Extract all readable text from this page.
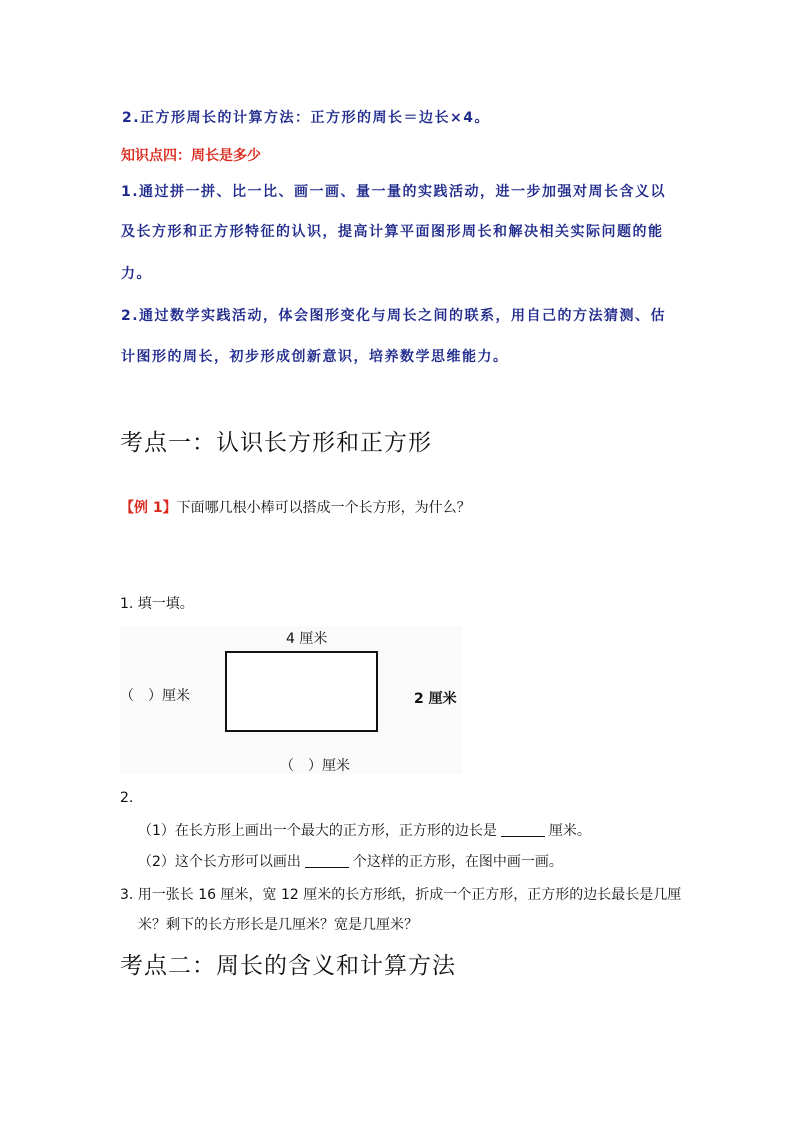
2.正方形周长的计算方法：正方形的周长＝边长×4。
知识点四：周长是多少
1.通过拼一拼、比一比、画一画、量一量的实践活动，进一步加强对周长含义以
及长方形和正方形特征的认识，提高计算平面图形周长和解决相关实际问题的能
力。
2.通过数学实践活动，体会图形变化与周长之间的联系，用自己的方法猜测、估
计图形的周长，初步形成创新意识，培养数学思维能力。
考点一：认识长方形和正方形
【例 1】下面哪几根小棒可以搭成一个长方形，为什么？
1. 填一填。
4 厘米
（　）厘米	2 厘米
（　）厘米
2.
（1）在长方形上画出一个最大的正方形，正方形的边长是	厘米。
（2）这个长方形可以画出	个这样的正方形，在图中画一画。
3. 用一张长 16 厘米，宽 12 厘米的长方形纸，折成一个正方形，正方形的边长最长是几厘
米？剩下的长方形长是几厘米？宽是几厘米？
考点二：周长的含义和计算方法
